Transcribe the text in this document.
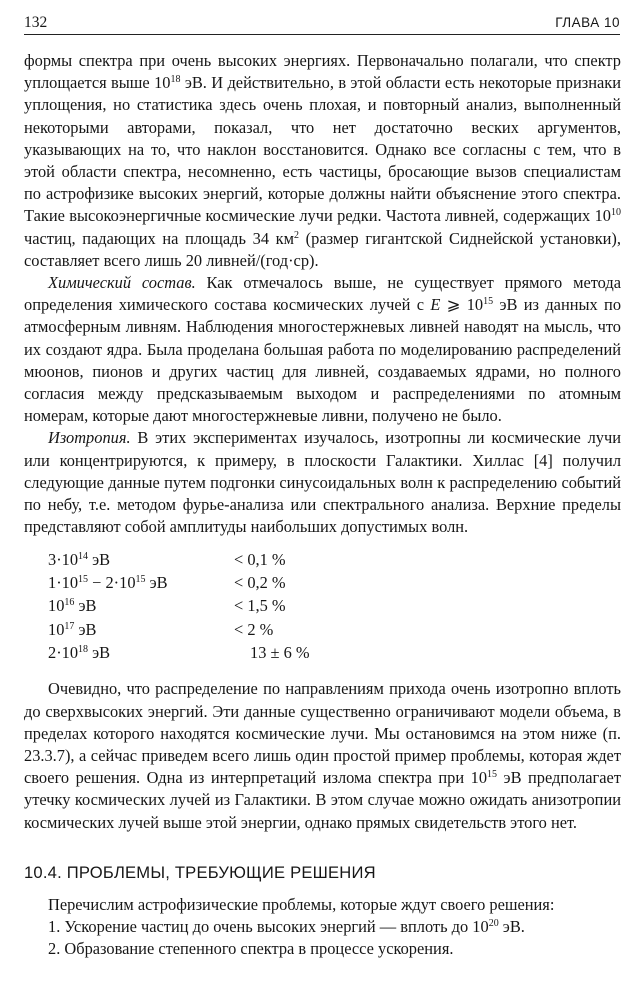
132	ГЛАВА 10

формы спектра при очень высоких энергиях. Первоначально полагали, что спектр уплощается выше $10^{18}$ эВ. И действительно, в этой области есть некоторые признаки уплощения, но статистика здесь очень плохая, и повторный анализ, выполненный некоторыми авторами, показал, что нет достаточно веских аргументов, указывающих на то, что наклон восстановится. Однако все согласны с тем, что в этой области спектра, несомненно, есть частицы, бросающие вызов специалистам по астрофизике высоких энергий, которые должны найти объяснение этого спектра. Такие высокоэнергичные космические лучи редки. Частота ливней, содержащих $10^{10}$ частиц, падающих на площадь 34 $км^2$ (размер гигантской Сиднейской установки), составляет всего лишь 20 ливней/(год·ср).

Химический состав. Как отмечалось выше, не существует прямого метода определения химического состава космических лучей с E ⩾ $10^{15}$ эВ из данных по атмосферным ливням. Наблюдения многостержневых ливней наводят на мысль, что их создают ядра. Была проделана большая работа по моделированию распределений мюонов, пионов и других частиц для ливней, создаваемых ядрами, но полного согласия между предсказываемым выходом и распределениями по атомным номерам, которые дают многостержневые ливни, получено не было.

Изотропия. В этих экспериментах изучалось, изотропны ли космические лучи или концентрируются, к примеру, в плоскости Галактики. Хиллас [4] получил следующие данные путем подгонки синусоидальных волн к распределению событий по небу, т.е. методом фурье-анализа или спектрального анализа. Верхние пределы представляют собой амплитуды наибольших допустимых волн.

$3\cdot 10^{14}$ эВ	< 0,1 %
$1\cdot 10^{15} - 2\cdot 10^{15}$ эВ	< 0,2 %
$10^{16}$ эВ	< 1,5 %
$10^{17}$ эВ	< 2 %
$2\cdot 10^{18}$ эВ	13 ± 6 %

Очевидно, что распределение по направлениям прихода очень изотропно вплоть до сверхвысоких энергий. Эти данные существенно ограничивают модели объема, в пределах которого находятся космические лучи. Мы остановимся на этом ниже (п. 23.3.7), а сейчас приведем всего лишь один простой пример проблемы, которая ждет своего решения. Одна из интерпретаций излома спектра при $10^{15}$ эВ предполагает утечку космических лучей из Галактики. В этом случае можно ожидать анизотропии космических лучей выше этой энергии, однако прямых свидетельств этого нет.

10.4. ПРОБЛЕМЫ, ТРЕБУЮЩИЕ РЕШЕНИЯ

Перечислим астрофизические проблемы, которые ждут своего решения:

1. Ускорение частиц до очень высоких энергий — вплоть до $10^{20}$ эВ.

2. Образование степенного спектра в процессе ускорения.
